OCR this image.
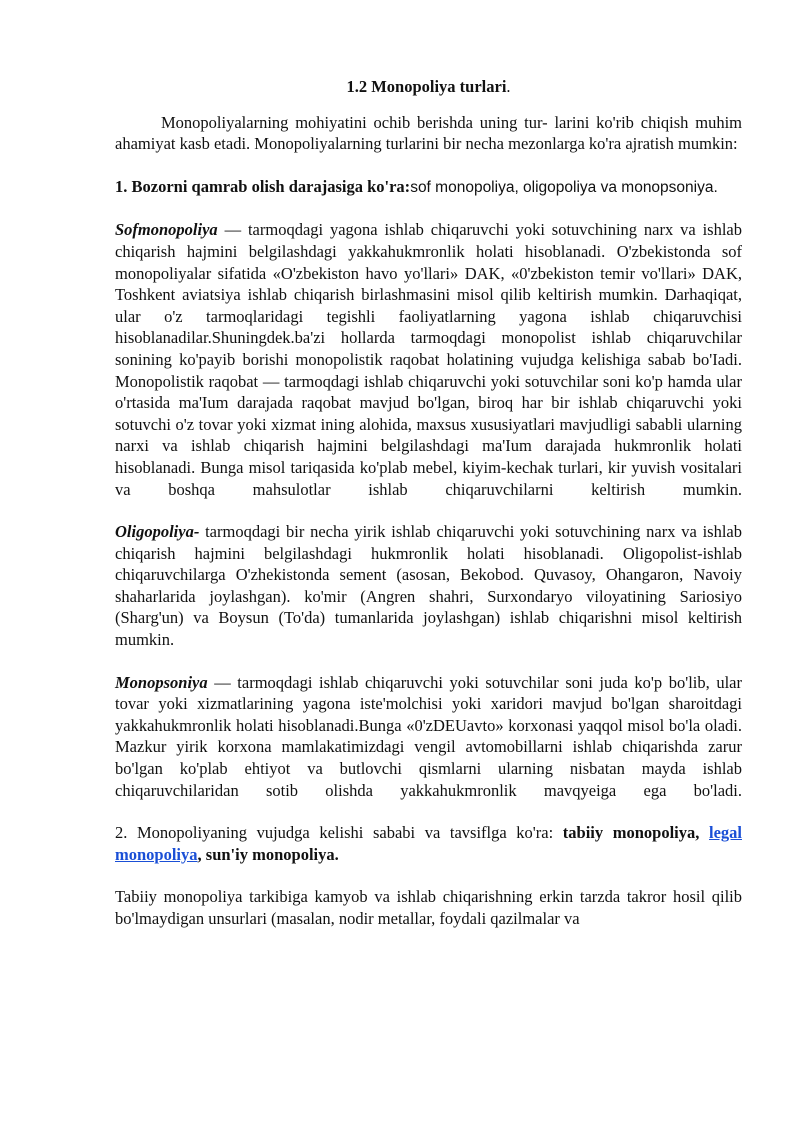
1.2 Monopoliya turlari.

Monopoliyalarning mohiyatini ochib berishda uning tur- larini ko'rib chiqish muhim ahamiyat kasb etadi. Monopoliyalarning turlarini bir necha mezonlarga ko'ra ajratish mumkin:

1. Bozorni qamrab olish darajasiga ko'ra:sof monopoliya, oligopoliya va monopsoniya.

Sofmonopoliya — tarmoqdagi yagona ishlab chiqaruvchi yoki sotuvchining narx va ishlab chiqarish hajmini belgilashdagi yakkahukmronlik holati hisoblanadi. O'zbekistonda sof monopoliyalar sifatida «O'zbekiston havo yo'llari» DAK, «0'zbekiston temir vo'llari» DAK, Toshkent aviatsiya ishlab chiqarish birlashmasini misol qilib keltirish mumkin. Darhaqiqat, ular o'z tarmoqlaridagi tegishli faoliyatlarning yagona ishlab chiqaruvchisi hisoblanadilar.Shuningdek.ba'zi hollarda tarmoqdagi monopolist ishlab chiqaruvchilar sonining ko'payib borishi monopolistik raqobat holatining vujudga kelishiga sabab bo'Iadi. Monopolistik raqobat — tarmoqdagi ishlab chiqaruvchi yoki sotuvchilar soni ko'p hamda ular o'rtasida ma'Ium darajada raqobat mavjud bo'lgan, biroq har bir ishlab chiqaruvchi yoki sotuvchi o'z tovar yoki xizmat ining alohida, maxsus xususiyatlari mavjudligi sababli ularning narxi va ishlab chiqarish hajmini belgilashdagi ma'Ium darajada hukmronlik holati hisoblanadi. Bunga misol tariqasida ko'plab mebel, kiyim-kechak turlari, kir yuvish vositalari va boshqa mahsulotlar ishlab chiqaruvchilarni keltirish mumkin.

Oligopoliya- tarmoqdagi bir necha yirik ishlab chiqaruvchi yoki sotuvchining narx va ishlab chiqarish hajmini belgilashdagi hukmronlik holati hisoblanadi. Oligopolist-ishlab chiqaruvchilarga O'zhekistonda sement (asosan, Bekobod. Quvasoy, Ohangaron, Navoiy shaharlarida joylashgan). ko'mir (Angren shahri, Surxondaryo viloyatining Sariosiyo (Sharg'un) va Boysun (To'da) tumanlarida joylashgan) ishlab chiqarishni misol keltirish mumkin.

Monopsoniya — tarmoqdagi ishlab chiqaruvchi yoki sotuvchilar soni juda ko'p bo'lib, ular tovar yoki xizmatlarining yagona iste'molchisi yoki xaridori mavjud bo'lgan sharoitdagi yakkahukmronlik holati hisoblanadi.Bunga «0'zDEUavto» korxonasi yaqqol misol bo'la oladi. Mazkur yirik korxona mamlakatimizdagi vengil avtomobillarni ishlab chiqarishda zarur bo'lgan ko'plab ehtiyot va butlovchi qismlarni ularning nisbatan mayda ishlab chiqaruvchilaridan sotib olishda yakkahukmronlik mavqyeiga ega bo'ladi.

2. Monopoliyaning vujudga kelishi sababi va tavsiflga ko'ra: tabiiy monopoliya, legal monopoliya, sun'iy monopoliya.

Tabiiy monopoliya tarkibiga kamyob va ishlab chiqarishning erkin tarzda takror hosil qilib bo'lmaydigan unsurlari (masalan, nodir metallar, foydali qazilmalar va
